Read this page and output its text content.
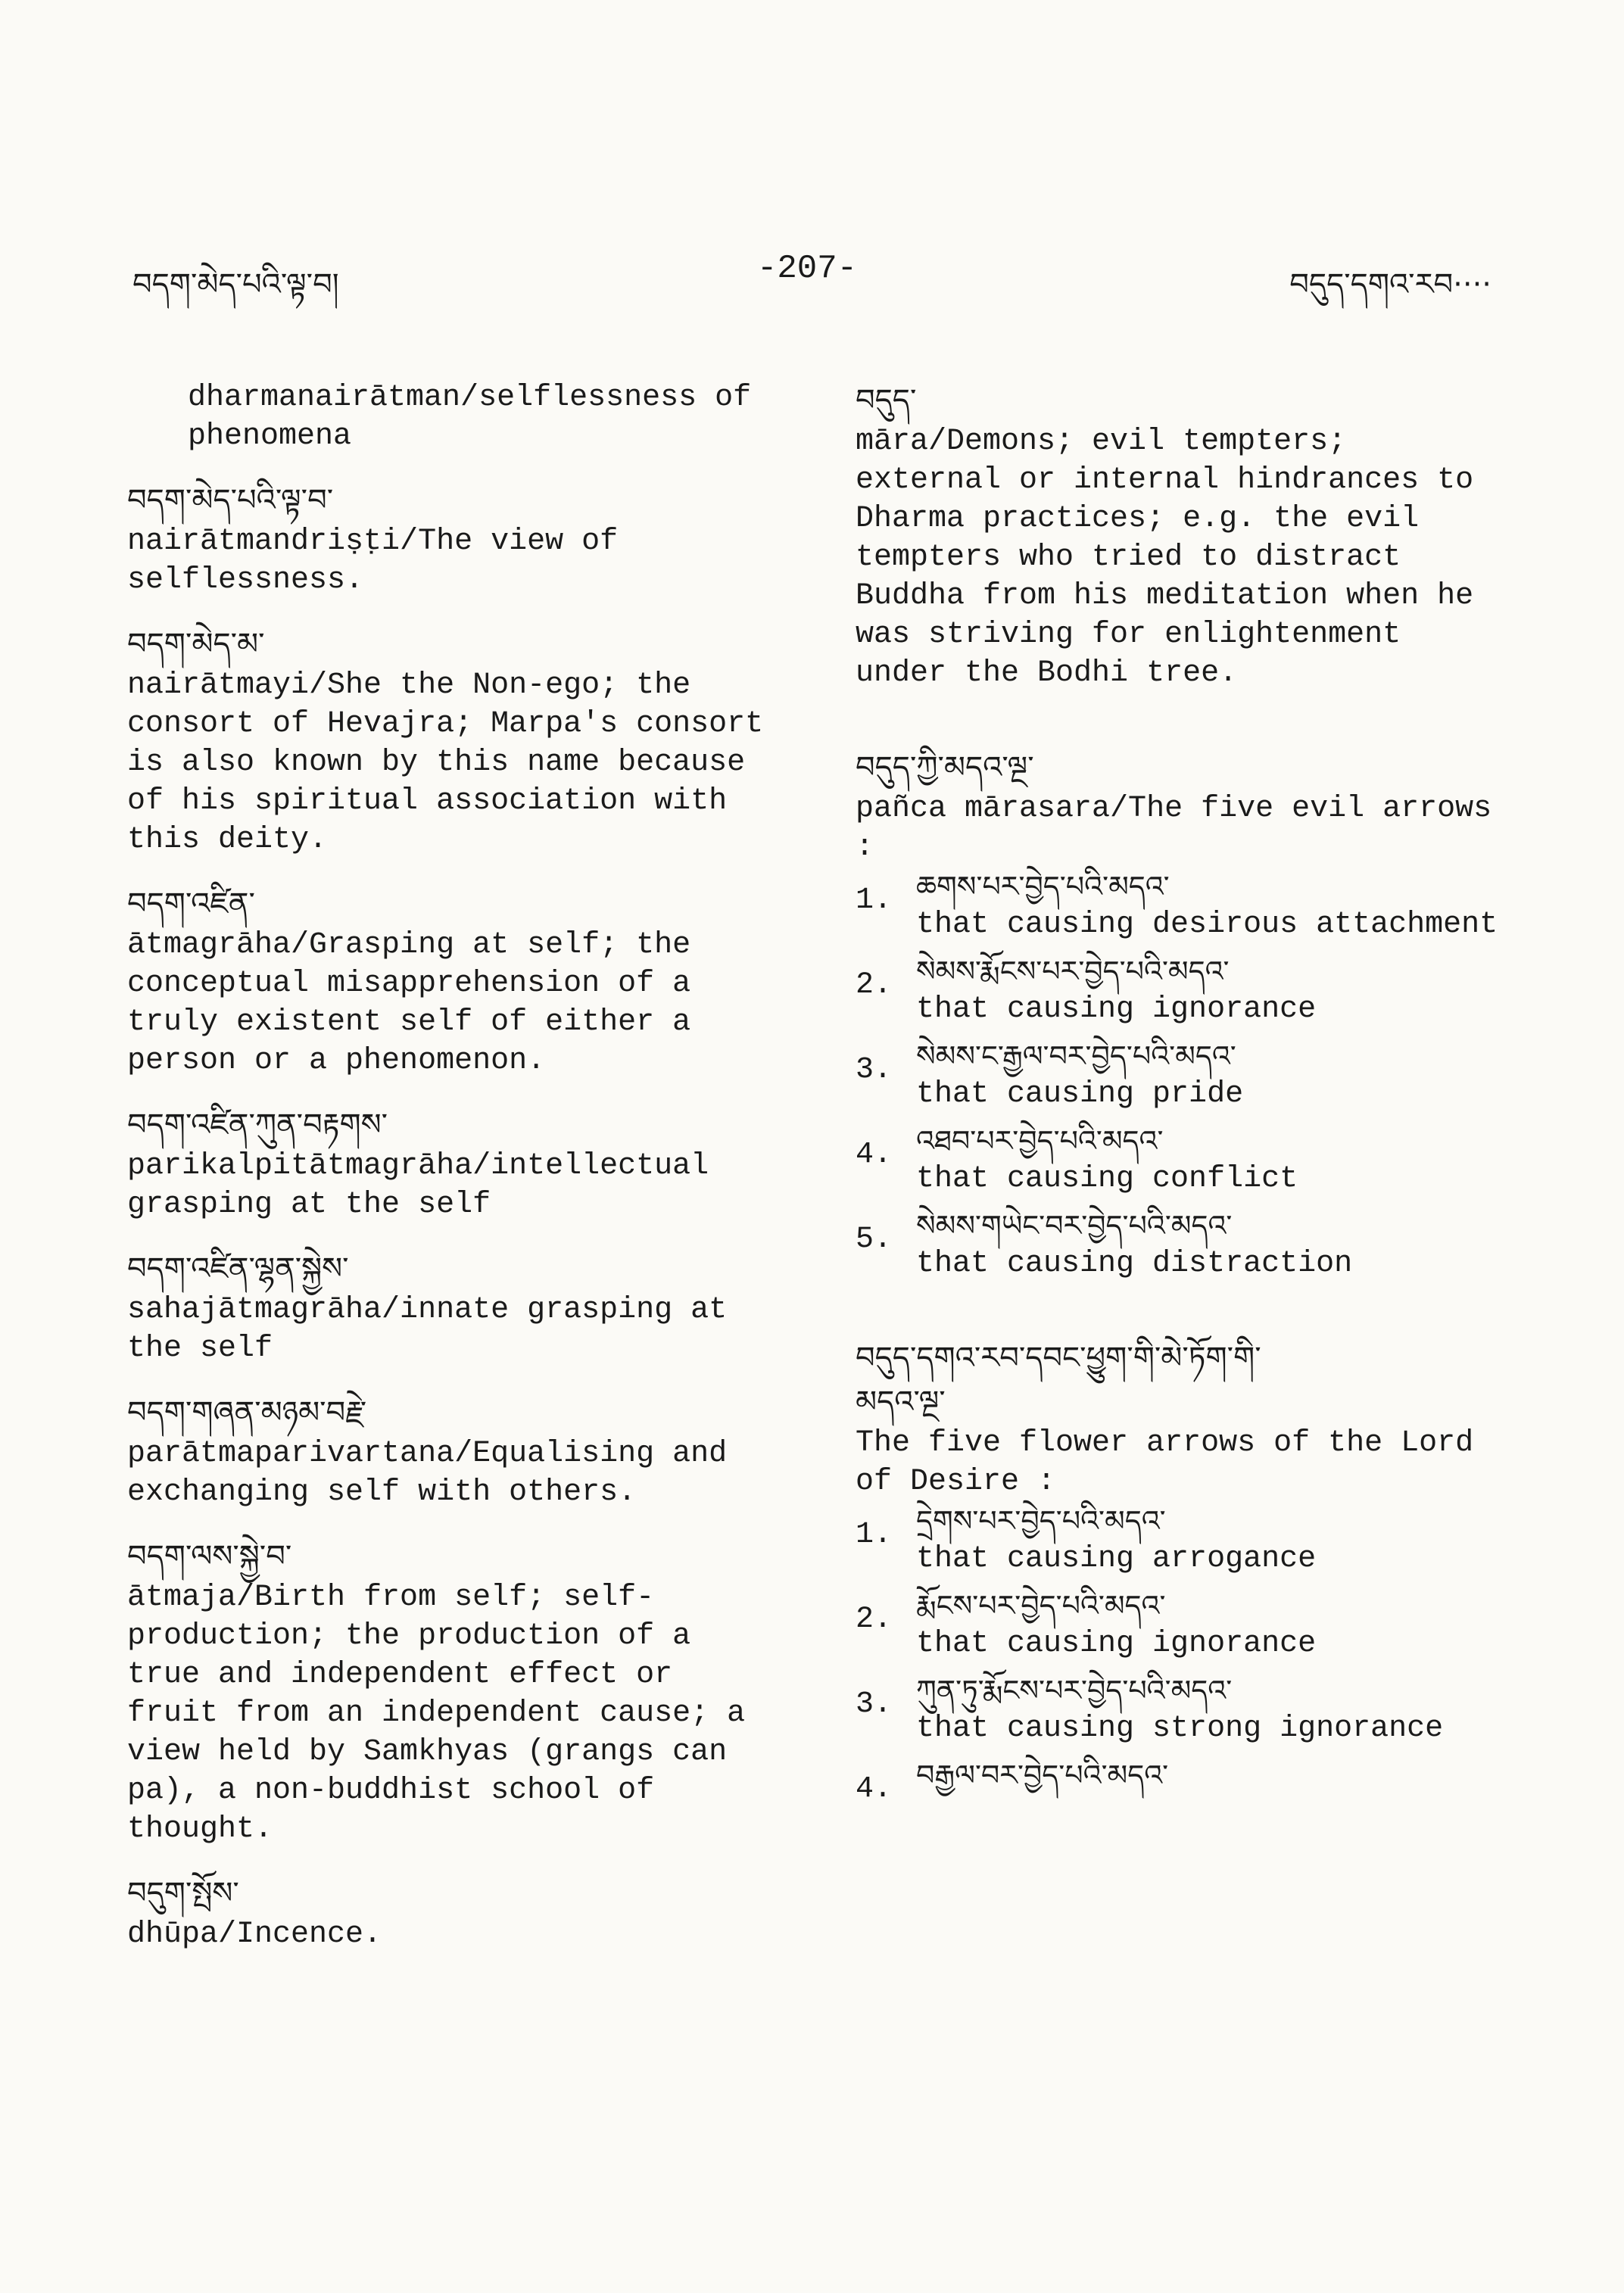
བདག་མེད་པའི་ལྟ་བ།	-207-	བདུད་དགའ་རབ····
dharmanairātman/selflessness of phenomena
བདག་མེད་པའི་ལྟ་བ་
nairātmandriṣṭi/The view of selflessness.
བདག་མེད་མ་
nairātmayi/She the Non-ego; the consort of Hevajra; Marpa's consort is also known by this name because of his spiritual association with this deity.
བདག་འཛིན་
ātmagrāha/Grasping at self; the conceptual misapprehension of a truly existent self of either a person or a phenomenon.
བདག་འཛིན་ཀུན་བརྟགས་
parikalpitātmagrāha/intellectual grasping at the self
བདག་འཛིན་ལྷན་སྐྱེས་
sahajātmagrāha/innate grasping at the self
བདག་གཞན་མཉམ་བརྗེ་
parātmaparivartana/Equalising and exchanging self with others.
བདག་ལས་སྐྱེ་བ་
ātmaja/Birth from self; self-production; the production of a true and independent effect or fruit from an independent cause; a view held by Samkhyas (grangs can pa), a non-buddhist school of thought.
བདུག་སྤོས་
dhūpa/Incence.
བདུད་
māra/Demons; evil tempters; external or internal hindrances to Dharma practices; e.g. the evil tempters who tried to distract Buddha from his meditation when he was striving for enlightenment under the Bodhi tree.
བདུད་ཀྱི་མདའ་ལྔ་
pañca mārasara/The five evil arrows :
1. ཆགས་པར་བྱེད་པའི་མདའ་
that causing desirous attachment
2. སེམས་རྨོངས་པར་བྱེད་པའི་མདའ་
that causing ignorance
3. སེམས་ང་རྒྱལ་བར་བྱེད་པའི་མདའ་
that causing pride
4. འཐབ་པར་བྱེད་པའི་མདའ་
that causing conflict
5. སེམས་གཡེང་བར་བྱེད་པའི་མདའ་
that causing distraction
བདུད་དགའ་རབ་དབང་ཕྱུག་གི་མེ་ཏོག་གི་
མདའ་ལྔ་
The five flower arrows of the Lord of Desire :
1. དྲེགས་པར་བྱེད་པའི་མདའ་
that causing arrogance
2. རྨོངས་པར་བྱེད་པའི་མདའ་
that causing ignorance
3. ཀུན་ཏུ་རྨོངས་པར་བྱེད་པའི་མདའ་
that causing strong ignorance
4. བརྒྱལ་བར་བྱེད་པའི་མདའ་
